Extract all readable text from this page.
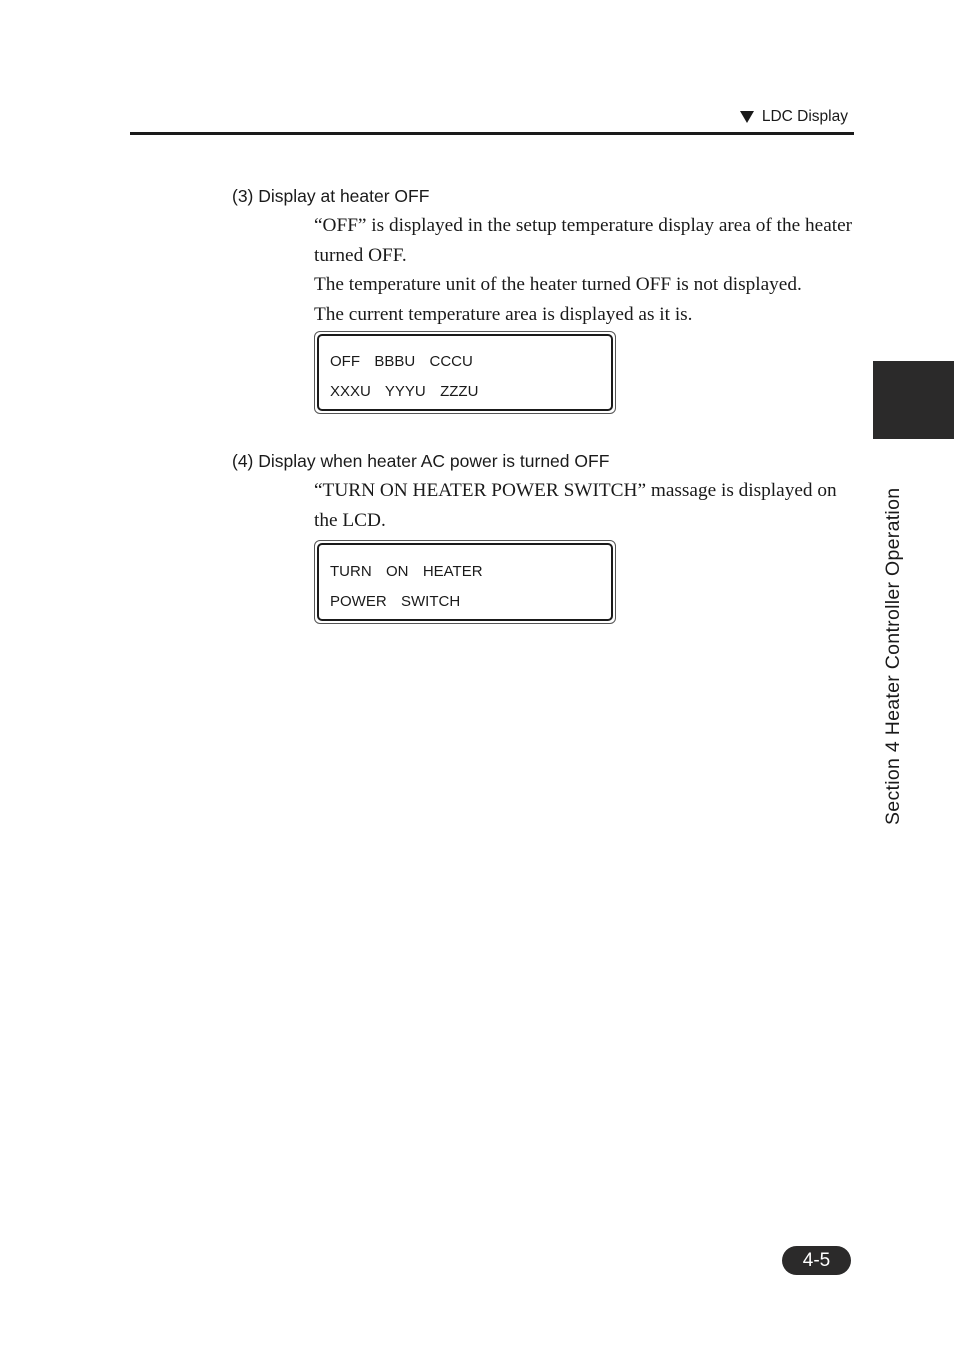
LDC Display
Section 4 Heater Controller Operation
(3) Display at heater OFF

“OFF” is displayed in the setup temperature display area of the heater turned OFF.

The temperature unit of the heater turned OFF is not displayed.

The current temperature area is displayed as it is.

OFF  BBBU  CCCU
XXXU  YYYU  ZZZU
(4) Display when heater AC power is turned OFF

“TURN ON HEATER POWER SWITCH” massage is displayed on the LCD.

TURN  ON  HEATER
POWER  SWITCH
4-5
